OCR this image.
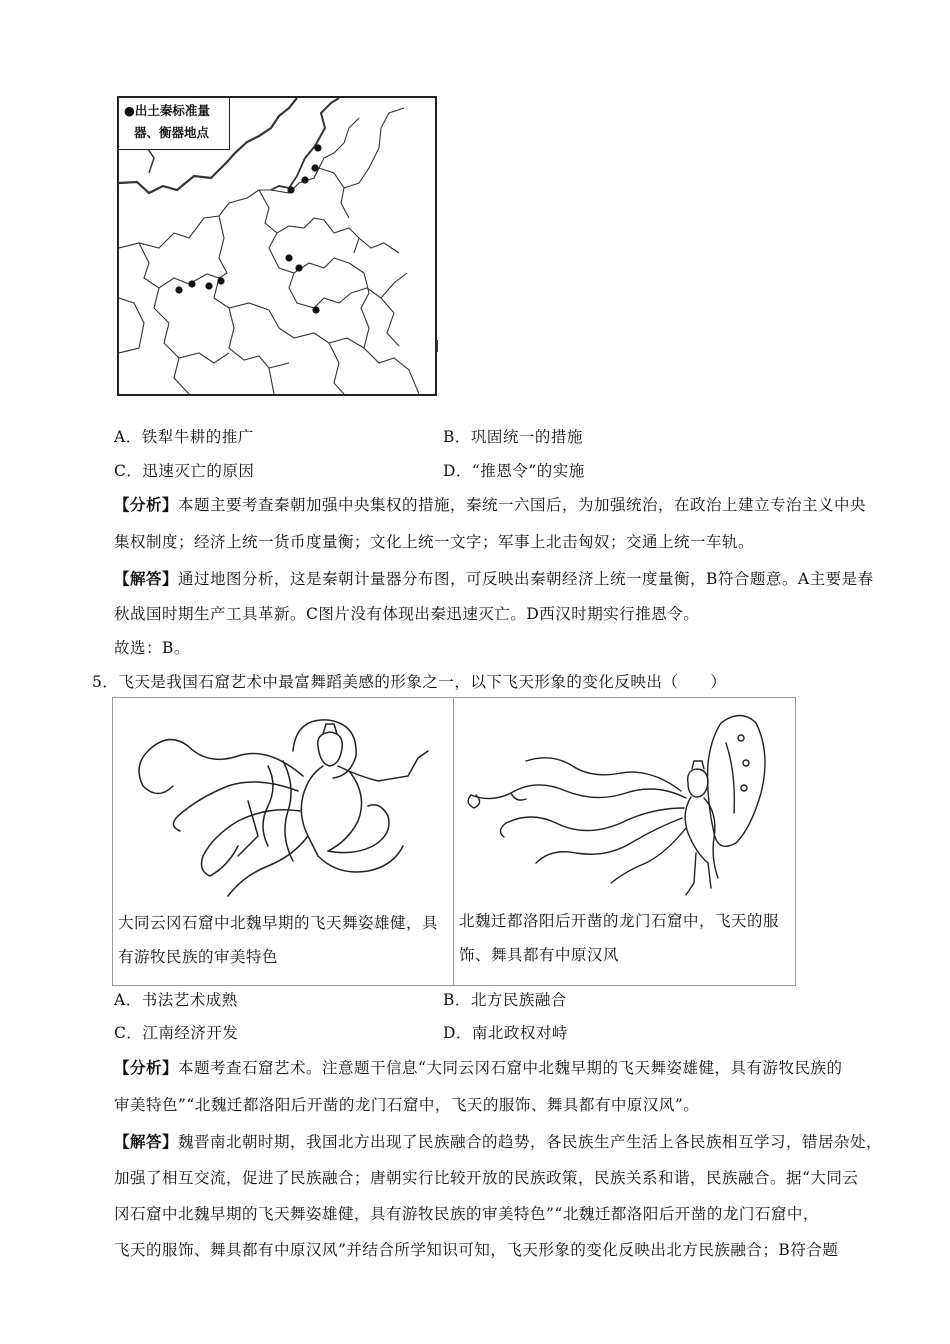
●出土秦标准量
器、衡器地点
A．铁犁牛耕的推广	B．巩固统一的措施
C．迅速灭亡的原因	D．“推恩令”的实施
【分析】本题主要考查秦朝加强中央集权的措施，秦统一六国后，为加强统治，在政治上建立专治主义中央
集权制度；经济上统一货币度量衡；文化上统一文字；军事上北击匈奴；交通上统一车轨。
【解答】通过地图分析，这是秦朝计量器分布图，可反映出秦朝经济上统一度量衡，B符合题意。A主要是春
秋战国时期生产工具革新。C图片没有体现出秦迅速灭亡。D西汉时期实行推恩令。
故选：B。
5．飞天是我国石窟艺术中最富舞蹈美感的形象之一，以下飞天形象的变化反映出（　　）
大同云冈石窟中北魏早期的飞天舞姿雄健，具有游牧民族的审美特色
北魏迁都洛阳后开凿的龙门石窟中，飞天的服饰、舞具都有中原汉风
A．书法艺术成熟	B．北方民族融合
C．江南经济开发	D．南北政权对峙
【分析】本题考查石窟艺术。注意题干信息“大同云冈石窟中北魏早期的飞天舞姿雄健，具有游牧民族的
审美特色”“北魏迁都洛阳后开凿的龙门石窟中，飞天的服饰、舞具都有中原汉风”。
【解答】魏晋南北朝时期，我国北方出现了民族融合的趋势，各民族生产生活上各民族相互学习，错居杂处，
加强了相互交流，促进了民族融合；唐朝实行比较开放的民族政策，民族关系和谐，民族融合。据“大同云
冈石窟中北魏早期的飞天舞姿雄健，具有游牧民族的审美特色”“北魏迁都洛阳后开凿的龙门石窟中，
飞天的服饰、舞具都有中原汉风”并结合所学知识可知，飞天形象的变化反映出北方民族融合；B符合题
